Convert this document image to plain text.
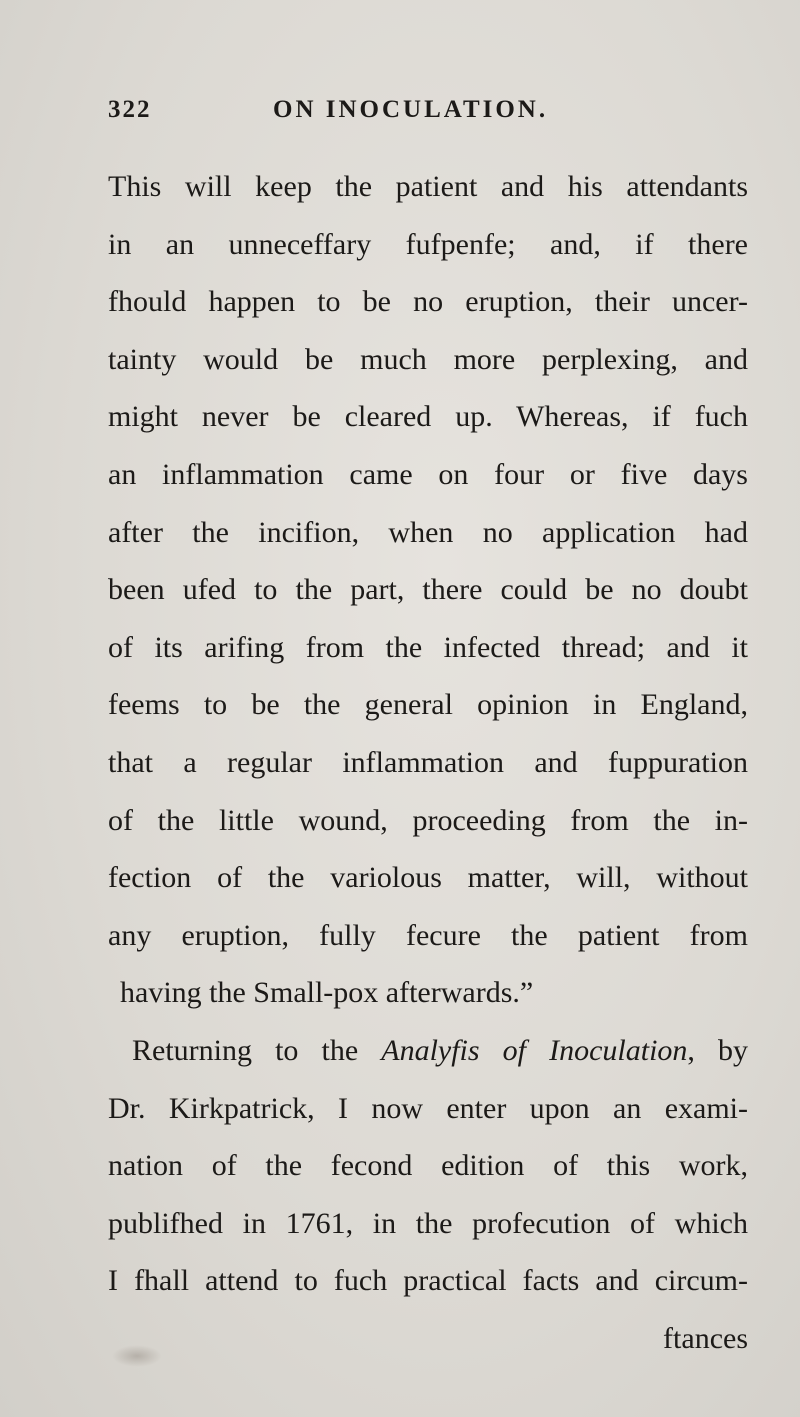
322	ON INOCULATION.
This will keep the patient and his attendants
in an unneceffary fufpenfe; and, if there
fhould happen to be no eruption, their uncer-
tainty would be much more perplexing, and
might never be cleared up. Whereas, if fuch
an inflammation came on four or five days
after the incifion, when no application had
been ufed to the part, there could be no doubt
of its arifing from the infected thread; and it
feems to be the general opinion in England,
that a regular inflammation and fuppuration
of the little wound, proceeding from the in-
fection of the variolous matter, will, without
any eruption, fully fecure the patient from
having the Small-pox afterwards.”
Returning to the Analyfis of Inoculation, by
Dr. Kirkpatrick, I now enter upon an exami-
nation of the fecond edition of this work,
publifhed in 1761, in the profecution of which
I fhall attend to fuch practical facts and circum-
ftances
